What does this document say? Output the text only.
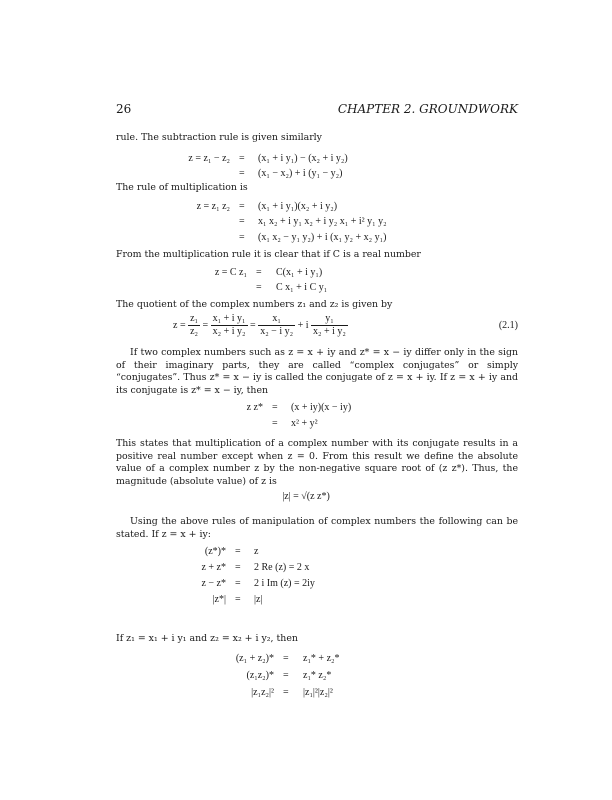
26	CHAPTER 2. GROUNDWORK
rule. The subtraction rule is given similarly
z = z₁ − z₂ = (x₁ + i y₁) − (x₂ + i y₂)
= (x₁ − x₂) + i (y₁ − y₂)
The rule of multiplication is
z = z₁ z₂ = (x₁ + i y₁)(x₂ + i y₂)
= x₁ x₂ + i y₁ x₂ + i y₂ x₁ + i² y₁ y₂
= (x₁ x₂ − y₁ y₂) + i (x₁ y₂ + x₂ y₁)
From the multiplication rule it is clear that if C is a real number
z = C z₁ = C(x₁ + i y₁)
= C x₁ + i C y₁
The quotient of the complex numbers z₁ and z₂ is given by
$z = \frac{\text{z₁}}{\text{z₂}} = \frac{\text{x₁ + i y₁}}{\text{x₂ + i y₂}} = \frac{\text{x₁}}{\text{x₂ − i y₂}} + i \frac{\text{y₁}}{\text{x₂ + i y₂}}$	(2.1)
If two complex numbers such as z = x + iy and z* = x − iy differ only in the sign of their imaginary parts, they are called “complex conjugates” or simply “conjugates”. Thus z* = x − iy is called the conjugate of z = x + iy. If z = x + iy and its conjugate is z* = x − iy, then
z z* = (x + iy)(x − iy)
= x² + y²
This states that multiplication of a complex number with its conjugate results in a positive real number except when z = 0. From this result we define the absolute value of a complex number z by the non-negative square root of (z z*). Thus, the magnitude (absolute value) of z is
|z| = √(z z*)
Using the above rules of manipulation of complex numbers the following can be stated. If z = x + iy:
(z*)* = z
z + z* = 2 Re (z) = 2 x
z − z* = 2 i Im (z) = 2iy
|z*| = |z|
If z₁ = x₁ + i y₁ and z₂ = x₂ + i y₂, then
(z₁ + z₂)* = z₁* + z₂*
(z₁z₂)* = z₁* z₂*
|z₁z₂|² = |z₁|²|z₂|²
